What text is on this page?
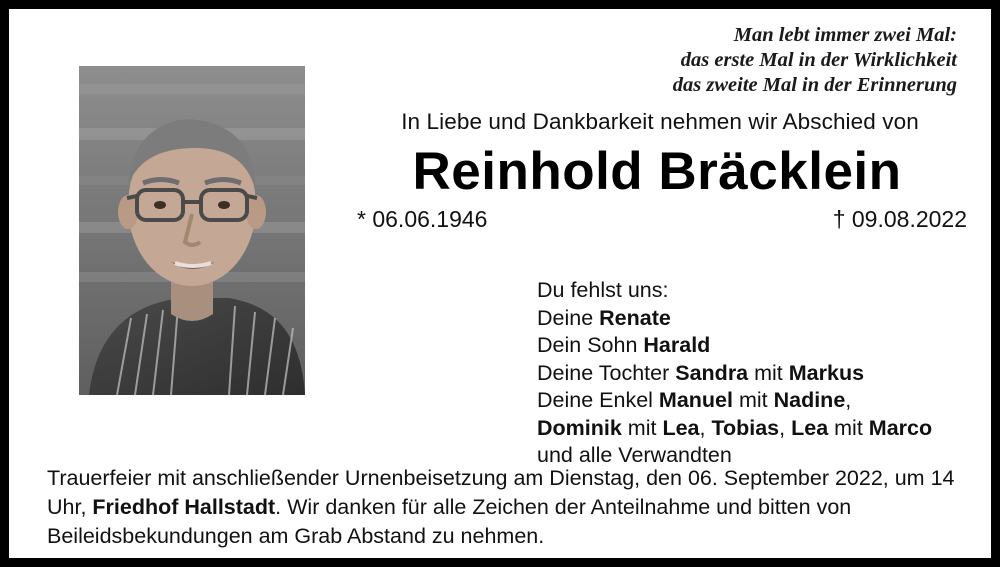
Man lebt immer zwei Mal:
das erste Mal in der Wirklichkeit
das zweite Mal in der Erinnerung

In Liebe und Dankbarkeit nehmen wir Abschied von

Reinhold Bräcklein
* 06.06.1946	† 09.08.2022
Du fehlst uns:
Deine Renate
Dein Sohn Harald
Deine Tochter Sandra mit Markus
Deine Enkel Manuel mit Nadine,
Dominik mit Lea, Tobias, Lea mit Marco
und alle Verwandten
Trauerfeier mit anschließender Urnenbeisetzung am Dienstag, den 06. September 2022, um 14 Uhr, Friedhof Hallstadt. Wir danken für alle Zeichen der Anteilnahme und bitten von Beileidsbekundungen am Grab Abstand zu nehmen.
